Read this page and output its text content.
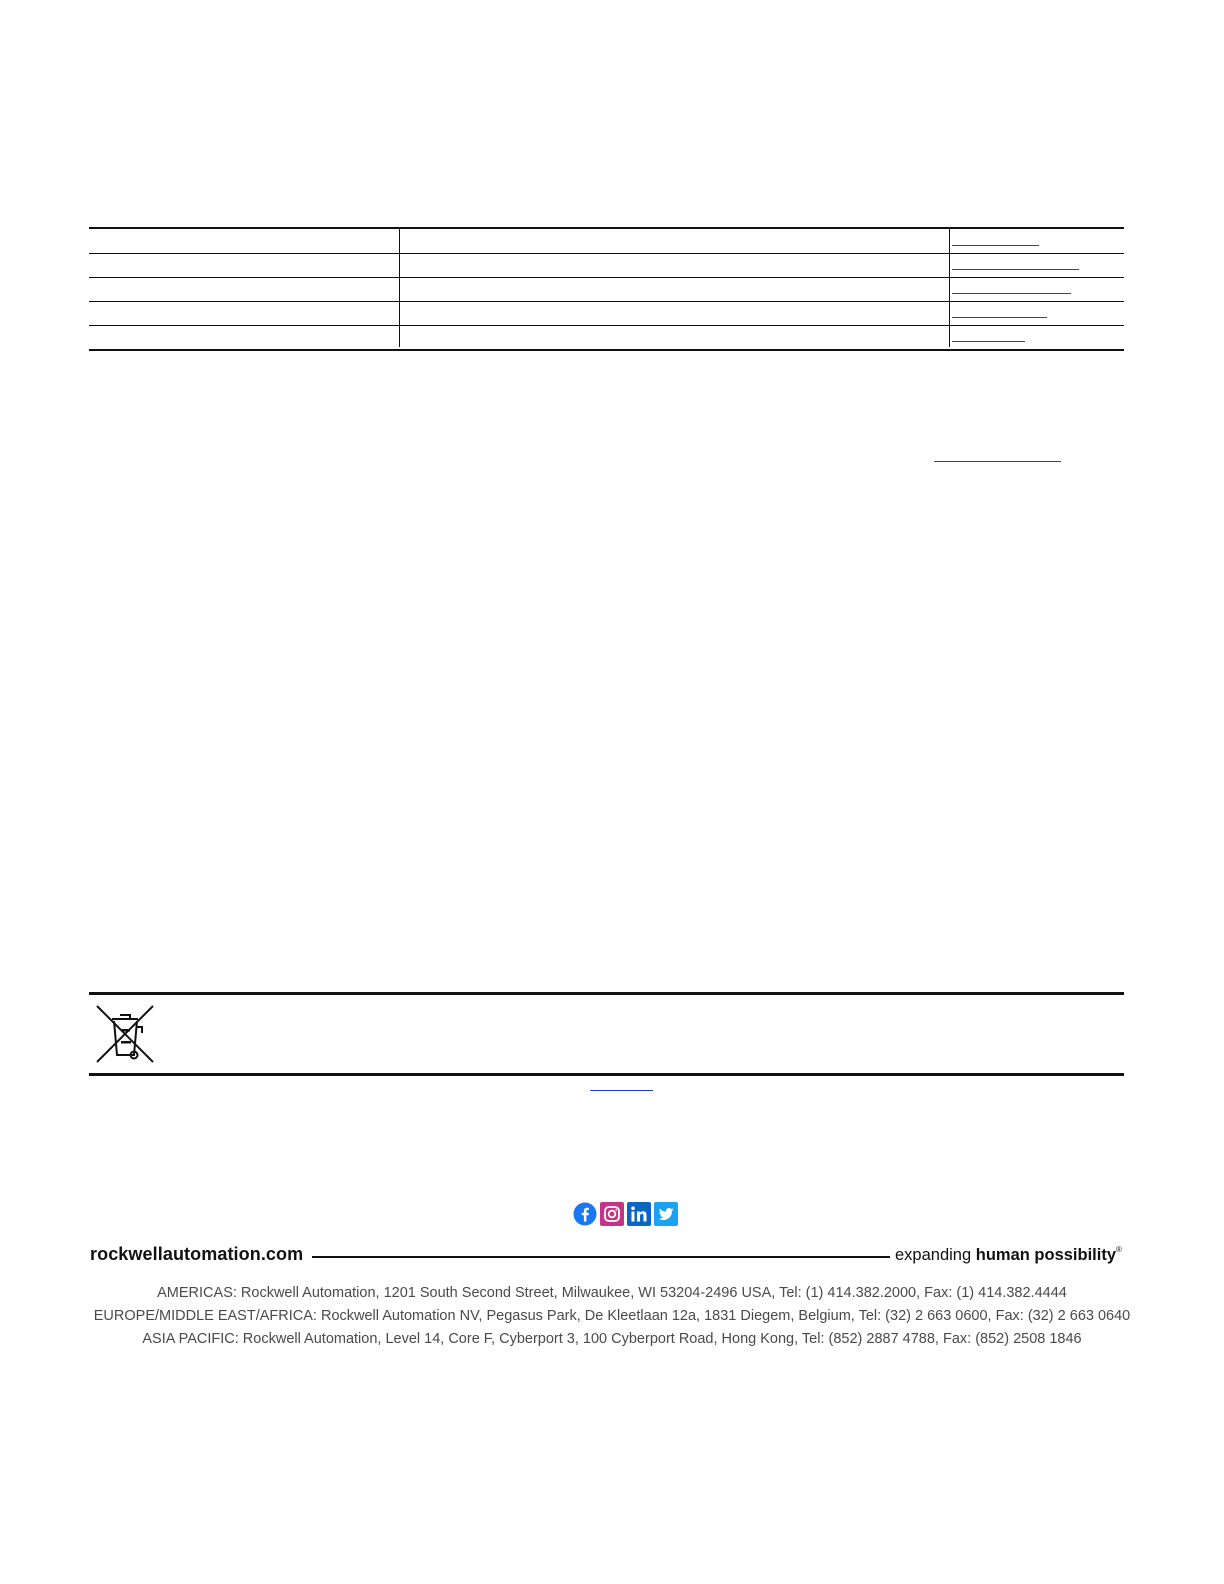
rockwellautomation.com	expanding human possibility®
AMERICAS: Rockwell Automation, 1201 South Second Street, Milwaukee, WI 53204-2496 USA, Tel: (1) 414.382.2000, Fax: (1) 414.382.4444
EUROPE/MIDDLE EAST/AFRICA: Rockwell Automation NV, Pegasus Park, De Kleetlaan 12a, 1831 Diegem, Belgium, Tel: (32) 2 663 0600, Fax: (32) 2 663 0640
ASIA PACIFIC: Rockwell Automation, Level 14, Core F, Cyberport 3, 100 Cyberport Road, Hong Kong, Tel: (852) 2887 4788, Fax: (852) 2508 1846
